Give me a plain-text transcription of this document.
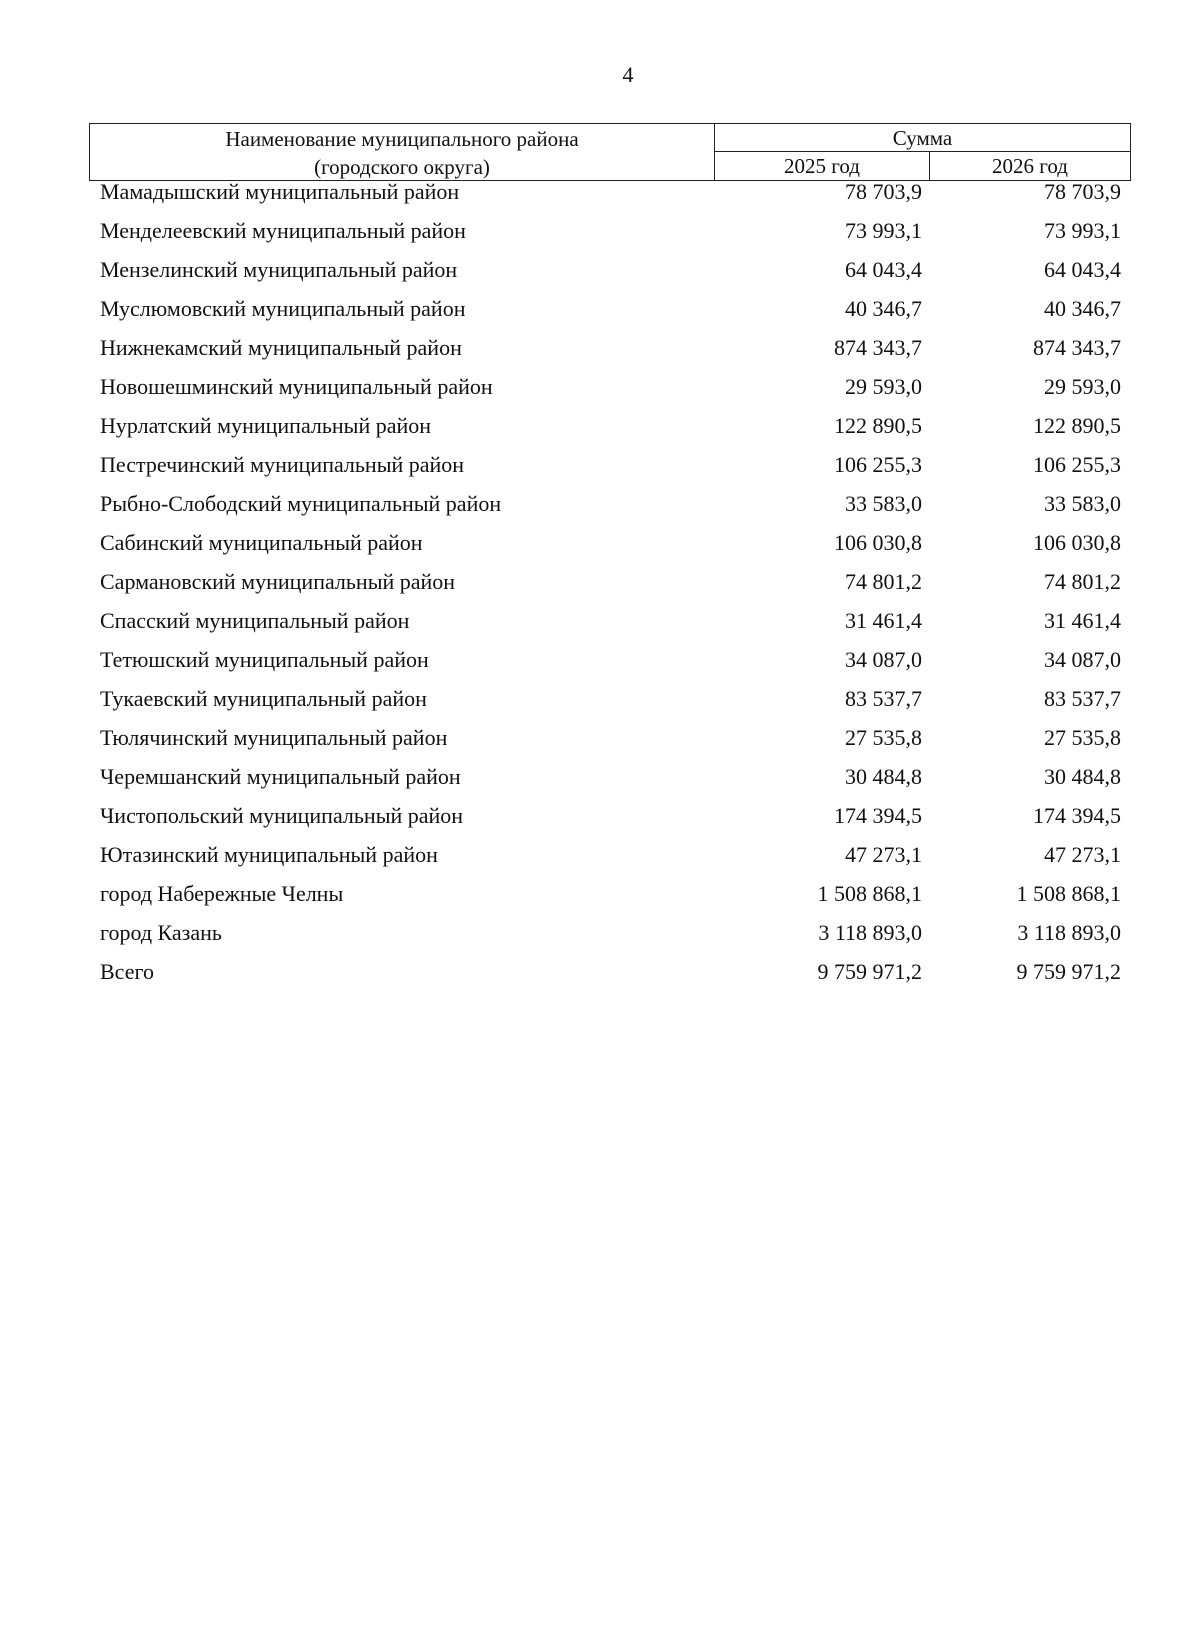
4
Наименование муниципального района
(городского округа)
Сумма
2025 год	2026 год
Мамадышский муниципальный район	78 703,9	78 703,9
Менделеевский муниципальный район	73 993,1	73 993,1
Мензелинский муниципальный район	64 043,4	64 043,4
Муслюмовский муниципальный район	40 346,7	40 346,7
Нижнекамский муниципальный район	874 343,7	874 343,7
Новошешминский муниципальный район	29 593,0	29 593,0
Нурлатский муниципальный район	122 890,5	122 890,5
Пестречинский муниципальный район	106 255,3	106 255,3
Рыбно-Слободский муниципальный район	33 583,0	33 583,0
Сабинский муниципальный район	106 030,8	106 030,8
Сармановский муниципальный район	74 801,2	74 801,2
Спасский муниципальный район	31 461,4	31 461,4
Тетюшский муниципальный район	34 087,0	34 087,0
Тукаевский муниципальный район	83 537,7	83 537,7
Тюлячинский муниципальный район	27 535,8	27 535,8
Черемшанский муниципальный район	30 484,8	30 484,8
Чистопольский муниципальный район	174 394,5	174 394,5
Ютазинский муниципальный район	47 273,1	47 273,1
город Набережные Челны	1 508 868,1	1 508 868,1
город Казань	3 118 893,0	3 118 893,0
Всего	9 759 971,2	9 759 971,2
